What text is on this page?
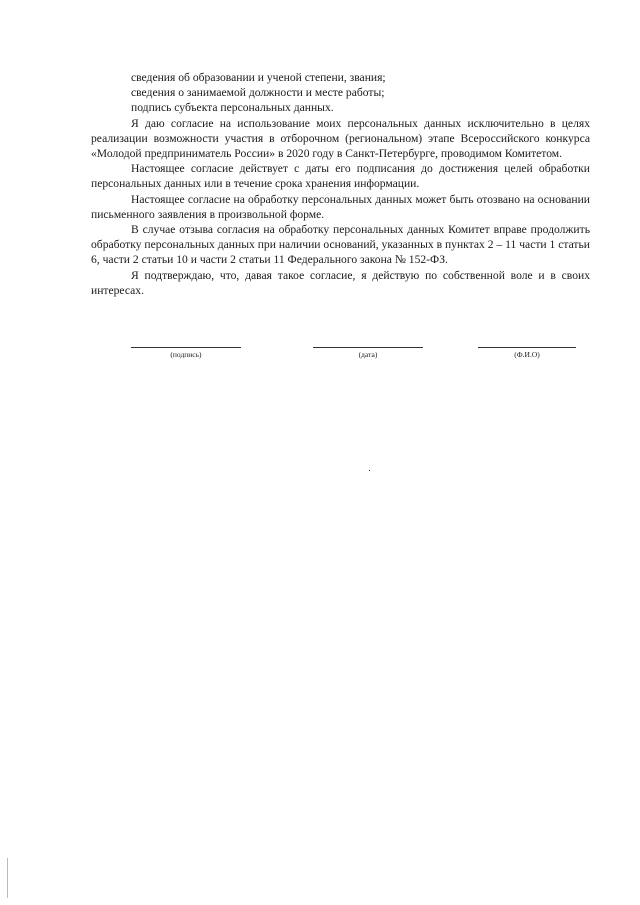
сведения об образовании и ученой степени, звания;

сведения о занимаемой должности и месте работы;

подпись субъекта персональных данных.

Я даю согласие на использование моих персональных данных исключительно в целях реализации возможности участия в отборочном (региональном) этапе Всероссийского конкурса «Молодой предприниматель России» в 2020 году в Санкт-Петербурге, проводимом Комитетом.

Настоящее согласие действует с даты его подписания до достижения целей обработки персональных данных или в течение срока хранения информации.

Настоящее согласие на обработку персональных данных может быть отозвано на основании письменного заявления в произвольной форме.

В случае отзыва согласия на обработку персональных данных Комитет вправе продолжить обработку персональных данных при наличии оснований, указанных в пунктах 2 – 11 части 1 статьи 6, части 2 статьи 10 и части 2 статьи 11 Федерального закона № 152-ФЗ.

Я подтверждаю, что, давая такое согласие, я действую по собственной воле и в своих интересах.

(подпись)	(дата)	(Ф.И.О)
